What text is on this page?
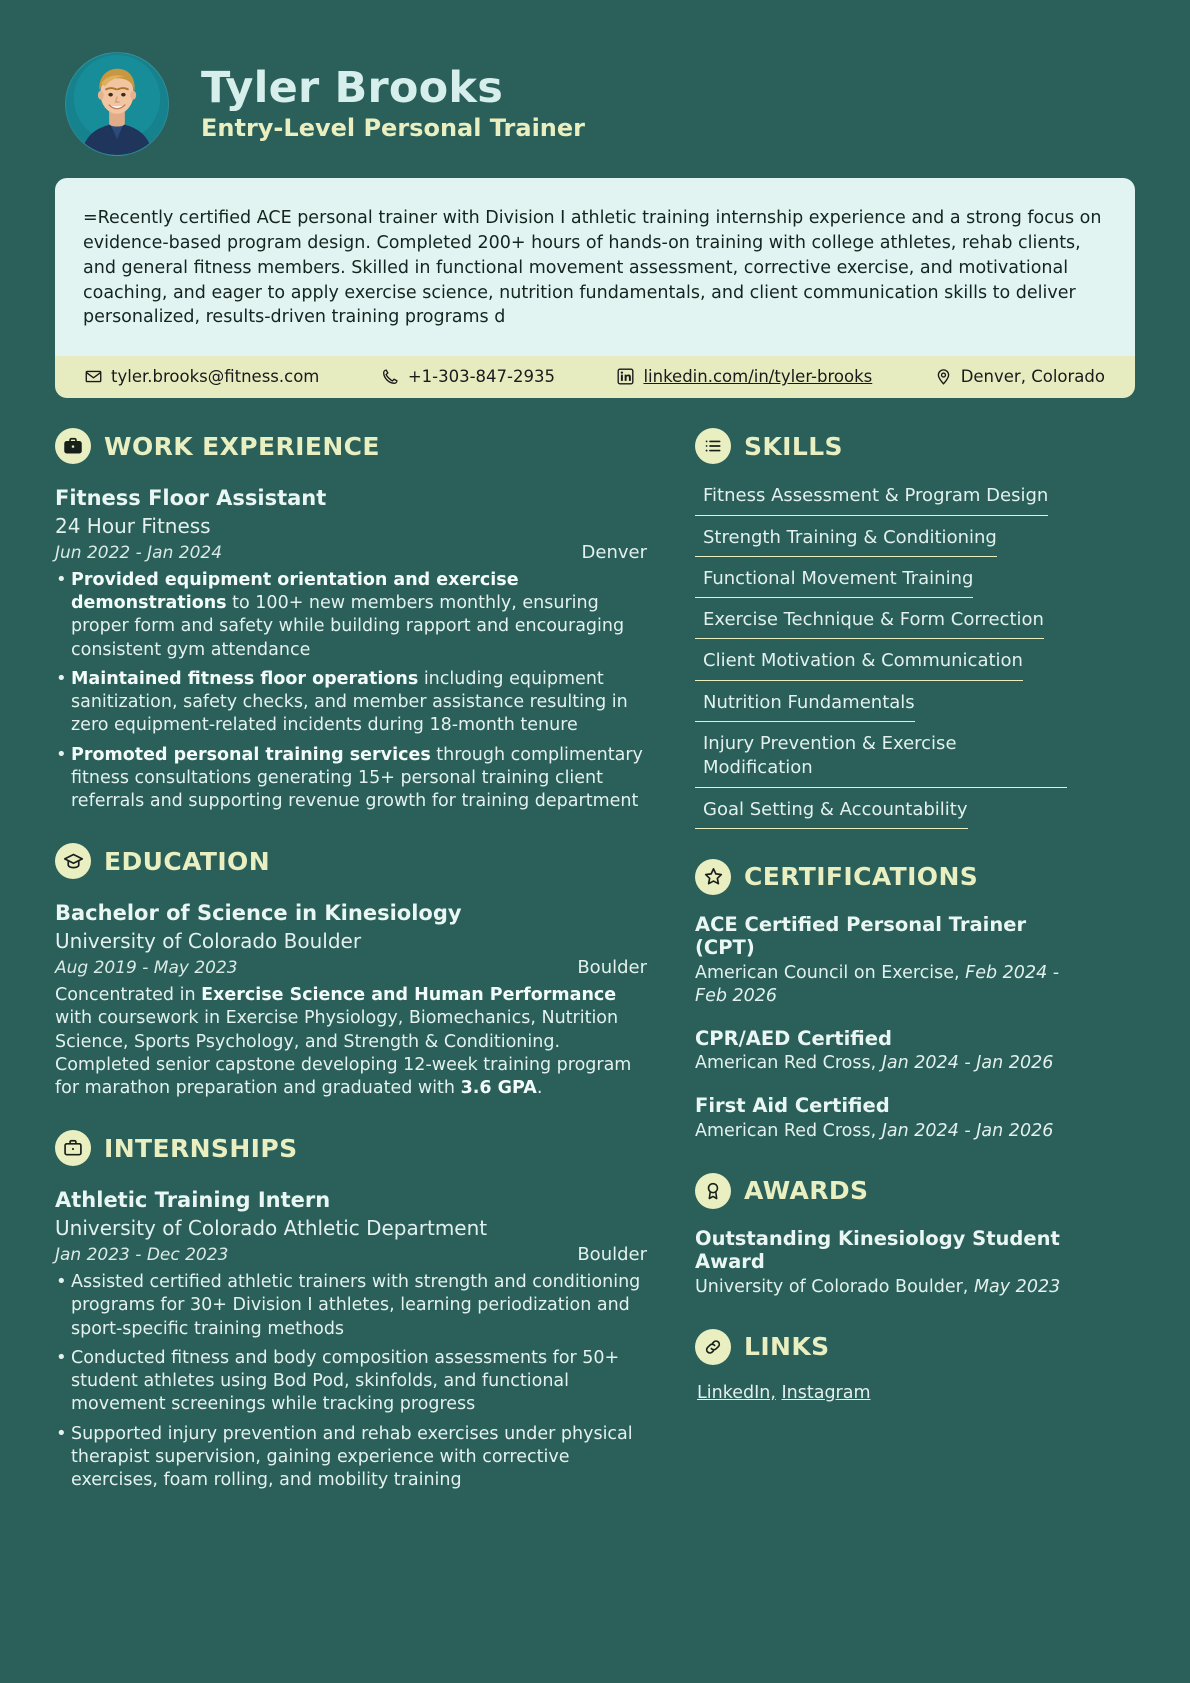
Tyler Brooks
Entry-Level Personal Trainer
=Recently certified ACE personal trainer with Division I athletic training internship experience and a strong focus on evidence-based program design. Completed 200+ hours of hands-on training with college athletes, rehab clients, and general fitness members. Skilled in functional movement assessment, corrective exercise, and motivational coaching, and eager to apply exercise science, nutrition fundamentals, and client communication skills to deliver personalized, results-driven training programs d
tyler.brooks@fitness.com	+1-303-847-2935	linkedin.com/in/tyler-brooks	Denver, Colorado
WORK EXPERIENCE
Fitness Floor Assistant
24 Hour Fitness
Jun 2022 - Jan 2024	Denver
• Provided equipment orientation and exercise demonstrations to 100+ new members monthly, ensuring proper form and safety while building rapport and encouraging consistent gym attendance
• Maintained fitness floor operations including equipment sanitization, safety checks, and member assistance resulting in zero equipment-related incidents during 18-month tenure
• Promoted personal training services through complimentary fitness consultations generating 15+ personal training client referrals and supporting revenue growth for training department
EDUCATION
Bachelor of Science in Kinesiology
University of Colorado Boulder
Aug 2019 - May 2023	Boulder
Concentrated in Exercise Science and Human Performance with coursework in Exercise Physiology, Biomechanics, Nutrition Science, Sports Psychology, and Strength & Conditioning. Completed senior capstone developing 12-week training program for marathon preparation and graduated with 3.6 GPA.
INTERNSHIPS
Athletic Training Intern
University of Colorado Athletic Department
Jan 2023 - Dec 2023	Boulder
• Assisted certified athletic trainers with strength and conditioning programs for 30+ Division I athletes, learning periodization and sport-specific training methods
• Conducted fitness and body composition assessments for 50+ student athletes using Bod Pod, skinfolds, and functional movement screenings while tracking progress
• Supported injury prevention and rehab exercises under physical therapist supervision, gaining experience with corrective exercises, foam rolling, and mobility training
SKILLS
Fitness Assessment & Program Design
Strength Training & Conditioning
Functional Movement Training
Exercise Technique & Form Correction
Client Motivation & Communication
Nutrition Fundamentals
Injury Prevention & Exercise Modification
Goal Setting & Accountability
CERTIFICATIONS
ACE Certified Personal Trainer (CPT)
American Council on Exercise, Feb 2024 - Feb 2026
CPR/AED Certified
American Red Cross, Jan 2024 - Jan 2026
First Aid Certified
American Red Cross, Jan 2024 - Jan 2026
AWARDS
Outstanding Kinesiology Student Award
University of Colorado Boulder, May 2023
LINKS
LinkedIn, Instagram
